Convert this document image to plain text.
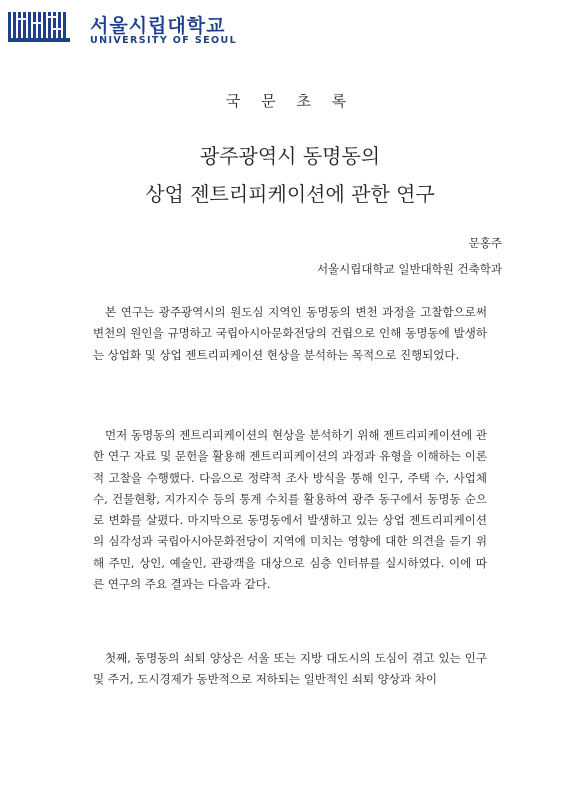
서울시립대학교
UNIVERSITY OF SEOUL
국 문 초 록
광주광역시 동명동의
상업 젠트리피케이션에 관한 연구
문홍주
서울시립대학교 일반대학원 건축학과

본 연구는 광주광역시의 원도심 지역인 동명동의 변천 과정을 고찰함으로써 변천의 원인을 규명하고 국립아시아문화전당의 건립으로 인해 동명동에 발생하는 상업화 및 상업 젠트리피케이션 현상을 분석하는 목적으로 진행되었다.

먼저 동명동의 젠트리피케이션의 현상을 분석하기 위해 젠트리피케이션에 관한 연구 자료 및 문헌을 활용해 젠트리피케이션의 과정과 유형을 이해하는 이론적 고찰을 수행했다. 다음으로 정략적 조사 방식을 통해 인구, 주택 수, 사업체 수, 건물현황, 지가지수 등의 통계 수치를 활용하여 광주 동구에서 동명동 순으로 변화를 살폈다. 마지막으로 동명동에서 발생하고 있는 상업 젠트리피케이션의 심각성과 국립아시아문화전당이 지역에 미치는 영향에 대한 의견을 듣기 위해 주민, 상인, 예술인, 관광객을 대상으로 심층 인터뷰를 실시하였다. 이에 따른 연구의 주요 결과는 다음과 같다.

첫째, 동명동의 쇠퇴 양상은 서울 또는 지방 대도시의 도심이 겪고 있는 인구 및 주거, 도시경제가 동반적으로 저하되는 일반적인 쇠퇴 양상과 차이
